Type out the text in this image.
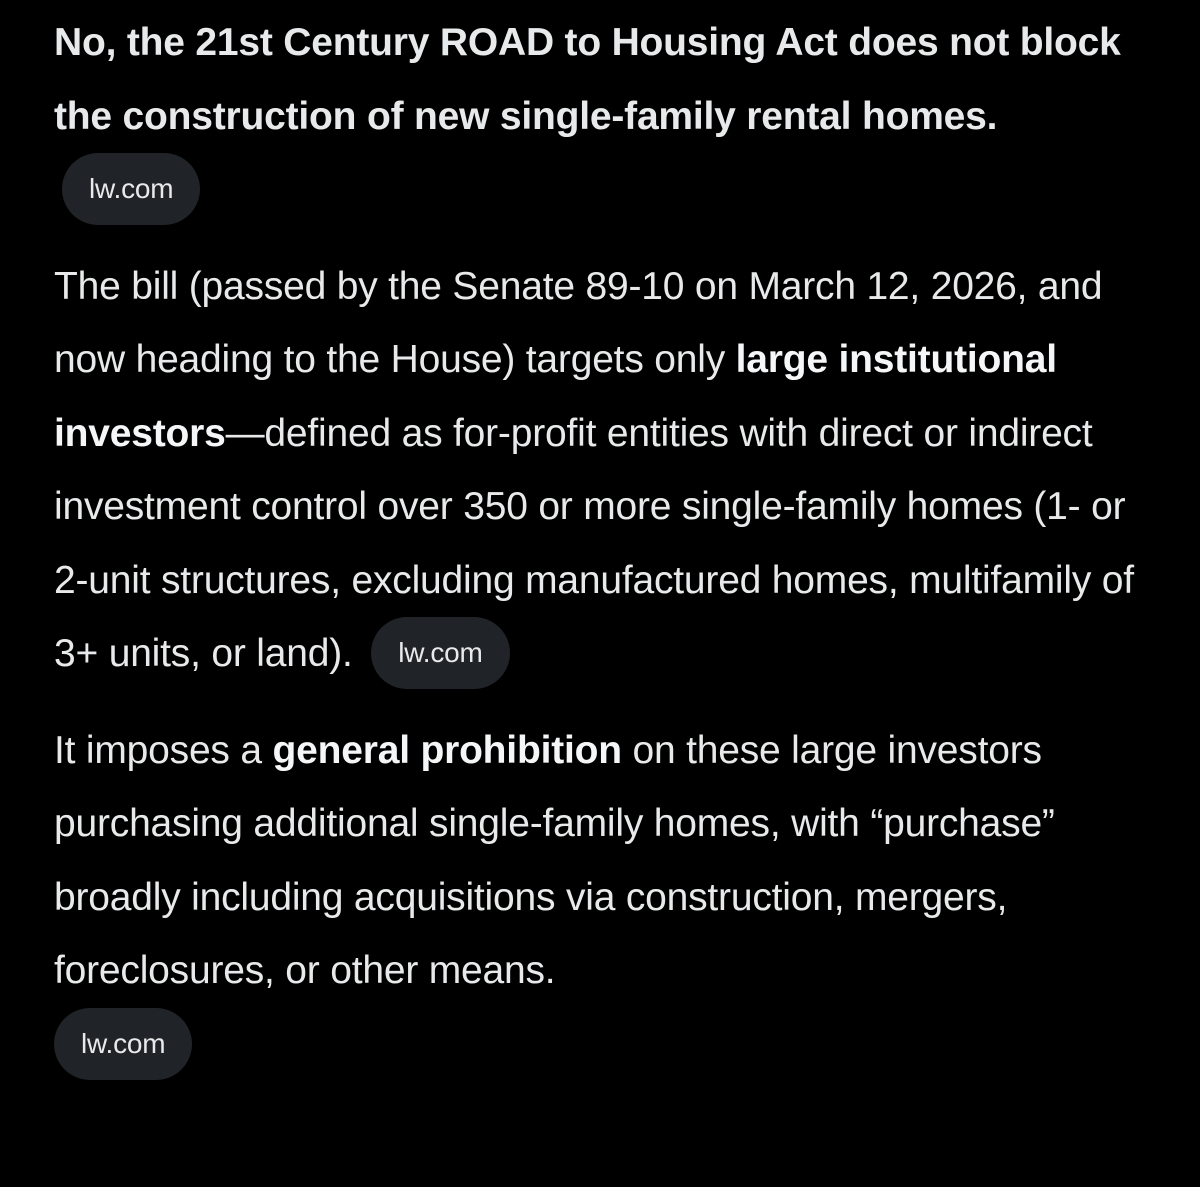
No, the 21st Century ROAD to Housing Act does not block the construction of new single-family rental homes. lw.com

The bill (passed by the Senate 89-10 on March 12, 2026, and now heading to the House) targets only large institutional investors—defined as for-profit entities with direct or indirect investment control over 350 or more single-family homes (1- or 2-unit structures, excluding manufactured homes, multifamily of 3+ units, or land). lw.com

It imposes a general prohibition on these large investors purchasing additional single-family homes, with “purchase” broadly including acquisitions via construction, mergers, foreclosures, or other means.
lw.com
